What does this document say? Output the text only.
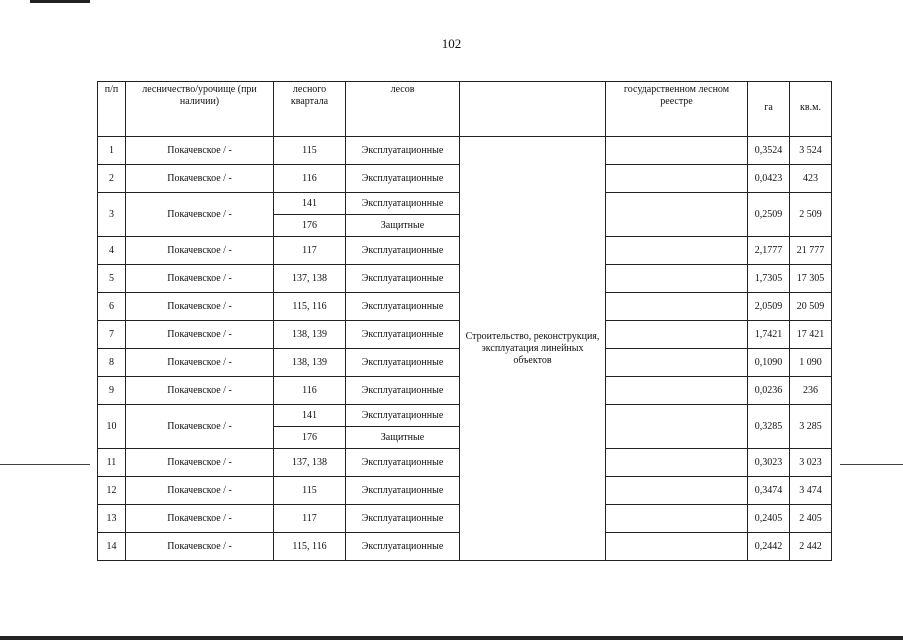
102
п/п	лесничество/урочище (при наличии)	лесного квартала	лесов		государственном лесном реестре	га	кв.м.
1	Покачевское / -	115	Эксплуатационные	Строительство, реконструкция, эксплуатация линейных объектов		0,3524	3 524
2	Покачевское / -	116	Эксплуатационные			0,0423	423
3	Покачевское / -	141	Эксплуатационные			0,2509	2 509
		176	Защитные				
4	Покачевское / -	117	Эксплуатационные			2,1777	21 777
5	Покачевское / -	137, 138	Эксплуатационные			1,7305	17 305
6	Покачевское / -	115, 116	Эксплуатационные			2,0509	20 509
7	Покачевское / -	138, 139	Эксплуатационные			1,7421	17 421
8	Покачевское / -	138, 139	Эксплуатационные			0,1090	1 090
9	Покачевское / -	116	Эксплуатационные			0,0236	236
10	Покачевское / -	141	Эксплуатационные			0,3285	3 285
		176	Защитные				
11	Покачевское / -	137, 138	Эксплуатационные			0,3023	3 023
12	Покачевское / -	115	Эксплуатационные			0,3474	3 474
13	Покачевское / -	117	Эксплуатационные			0,2405	2 405
14	Покачевское / -	115, 116	Эксплуатационные			0,2442	2 442
